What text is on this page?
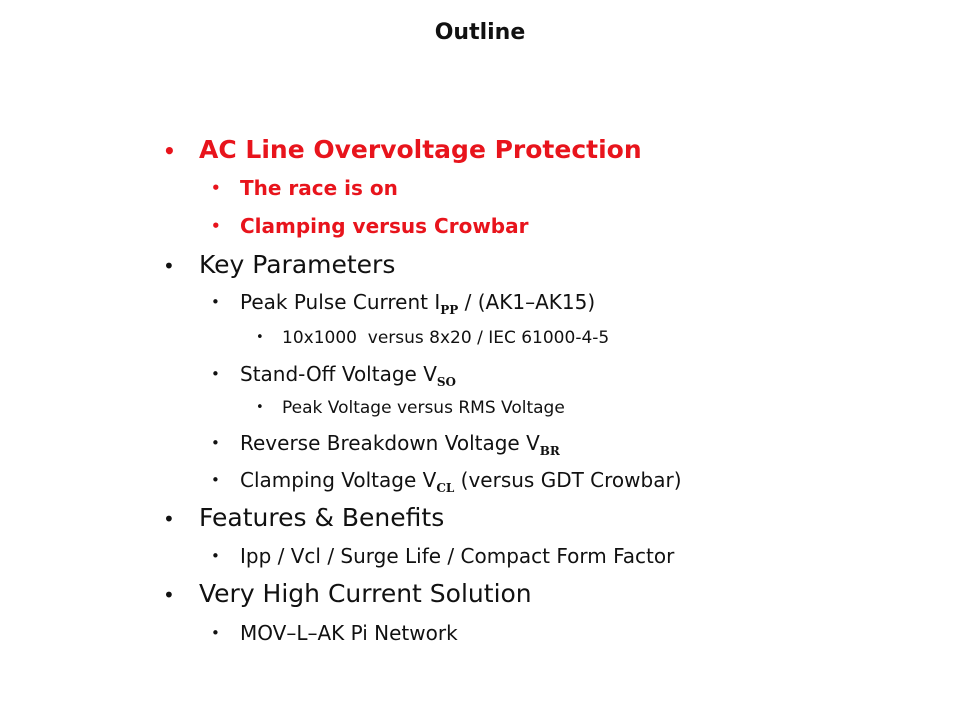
Outline
• AC Line Overvoltage Protection
• The race is on
• Clamping versus Crowbar
• Key Parameters
• Peak Pulse Current $I_{PP} / (AK1-AK15)$
• 10x1000  versus 8x20 / IEC 61000-4-5
• Stand-Off Voltage $V_{SO}$
• Peak Voltage versus RMS Voltage
• Reverse Breakdown Voltage $V_{BR}$
• Clamping Voltage $V_{CL}$ (versus GDT Crowbar)
• Features & Benefits
• Ipp / Vcl / Surge Life / Compact Form Factor
• Very High Current Solution
• MOV–L–AK Pi Network
